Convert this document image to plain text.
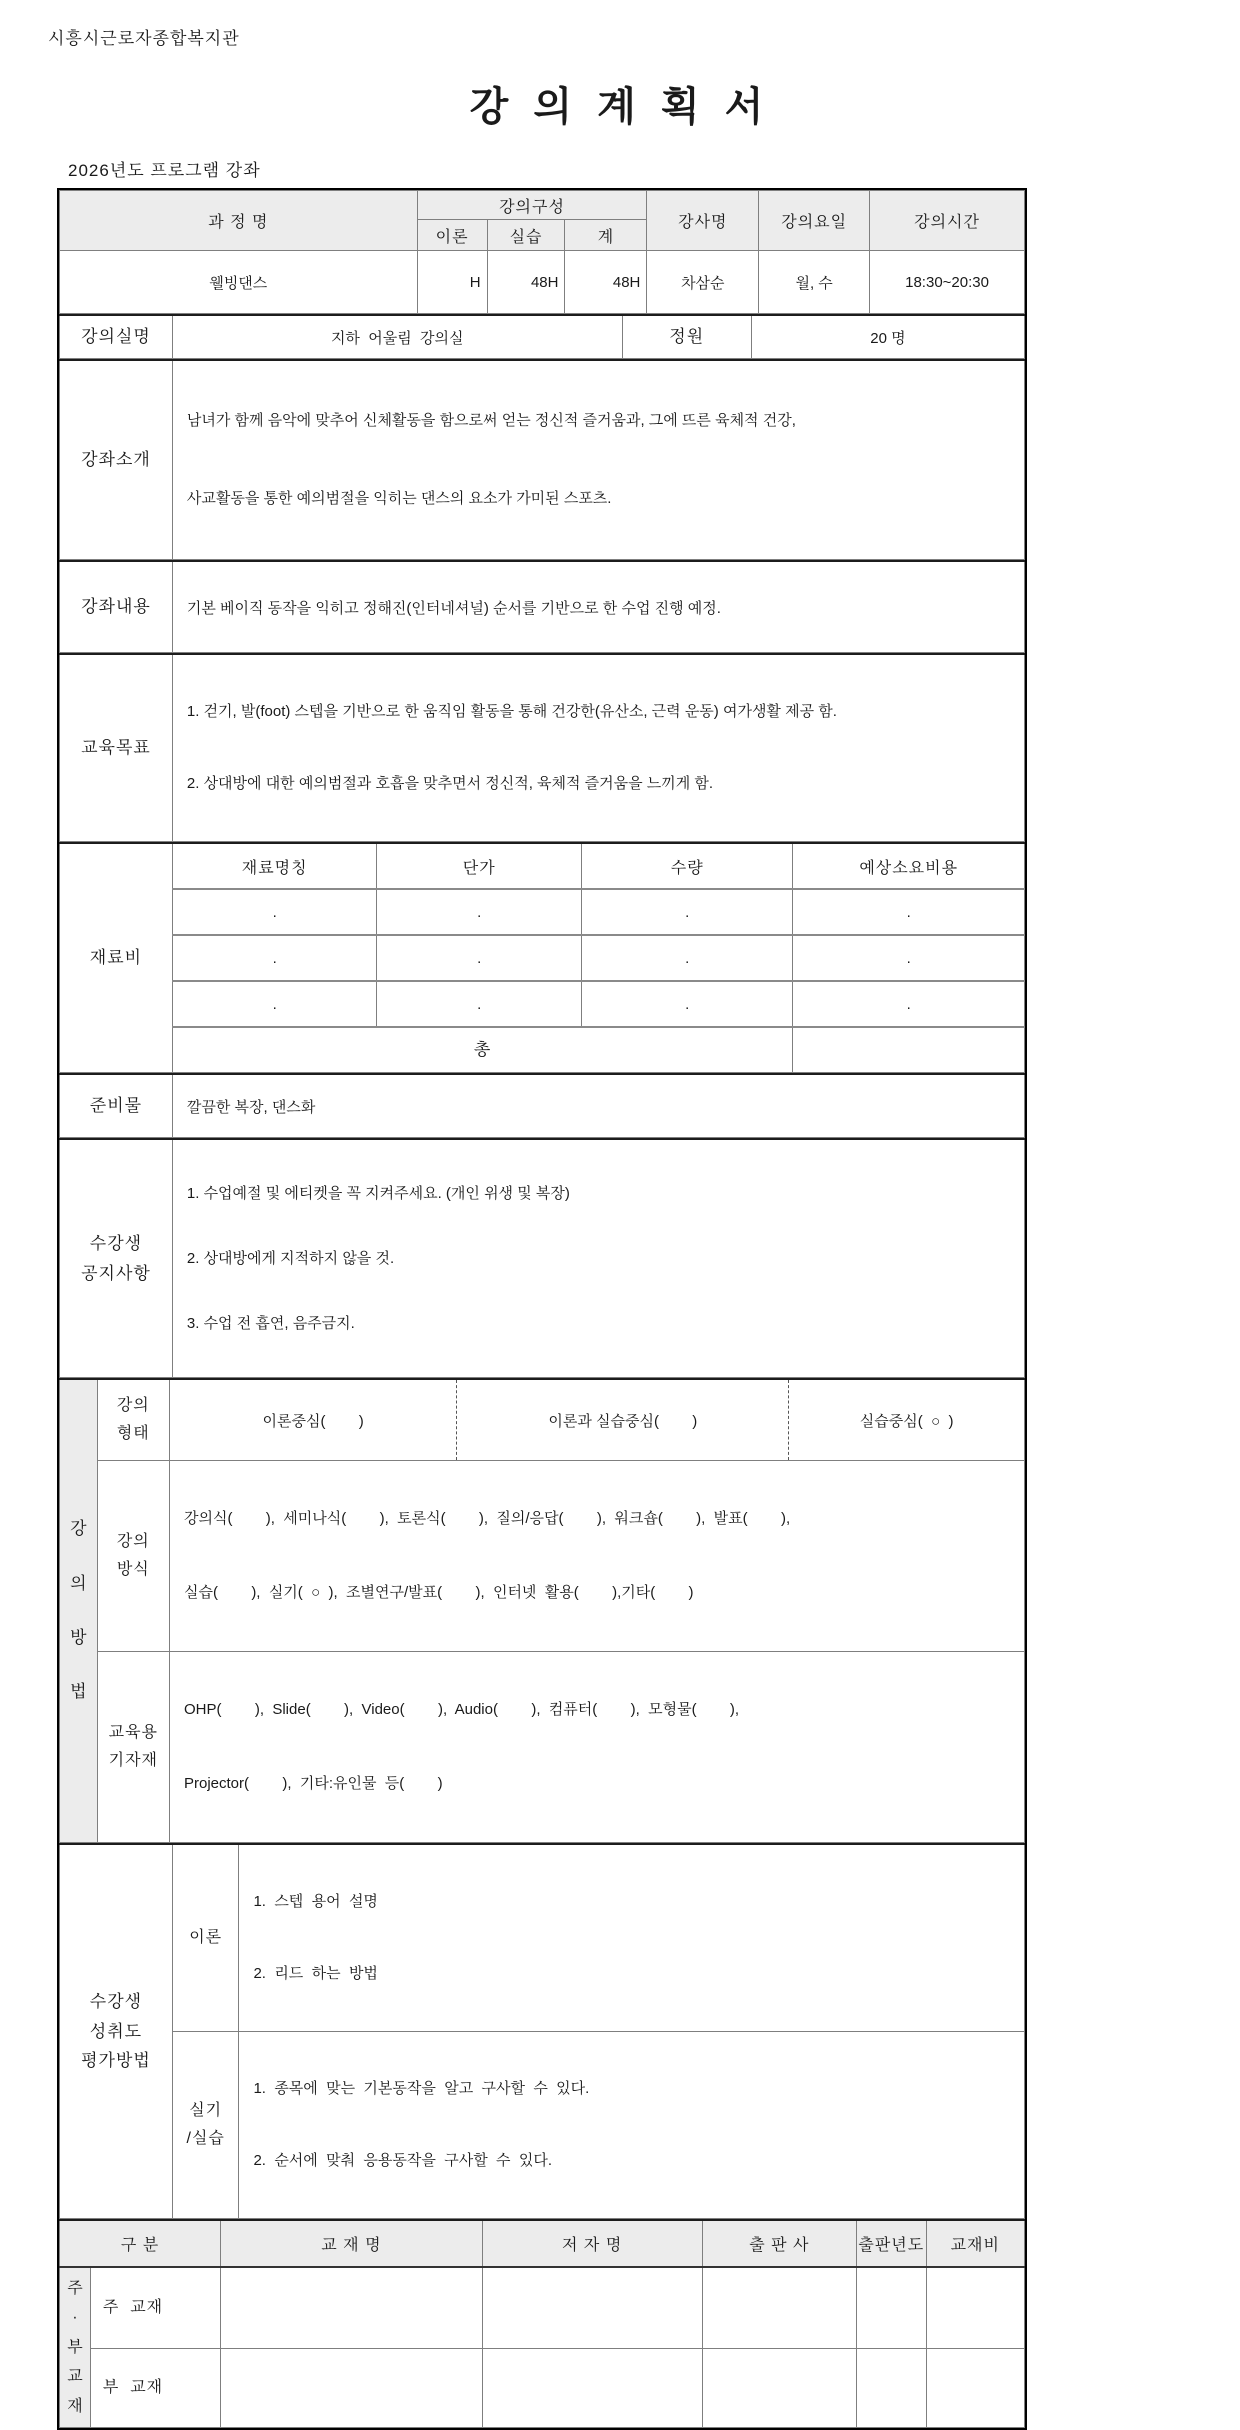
시흥시근로자종합복지관
강 의 계 획 서
2026년도 프로그램 강좌
과 정 명	강의구성			강사명	강의요일	강의시간
	이론	실습	계			
웰빙댄스	H	48H	48H	차삼순	월, 수	18:30~20:30
강의실명	지하  어울림  강의실	정원	20 명
강좌소개	

남녀가 함께 음악에 맞추어 신체활동을 함으로써 얻는 정신적 즐거움과, 그에 뜨른 육체적 건강,

사교활동을 통한 예의범절을 익히는 댄스의 요소가 가미된 스포츠.

강좌내용	기본 베이직 동작을 익히고 정해진(인터네셔널) 순서를 기반으로 한 수업 진행 예정.
교육목표	

1. 걷기, 발(foot) 스텝을 기반으로 한 움직임 활동을 통해 건강한(유산소, 근력 운동) 여가생활 제공 함.

2. 상대방에 대한 예의범절과 호흡을 맞추면서 정신적, 육체적 즐거움을 느끼게 함.

재료비	재료명칭	단가	수량	예상소요비용
	.	.	.	.
	.	.	.	.
	.	.	.	.
	총			
준비물	깔끔한 복장, 댄스화
수강생
공지사항

1. 수업예절 및 에티켓을 꼭 지켜주세요. (개인 위생 및 복장)

2. 상대방에게 지적하지 않을 것.

3. 수업 전 흡연, 음주금지.

강의방법	
강의
형태

이론중심(        )	이론과 실습중심(        )	실습중심(  ○  )

강의
방식

강의식(        ),  세미나식(        ),  토론식(        ),  질의/응답(        ),  워크숍(        ),  발표(        ),

실습(        ),  실기(  ○  ),  조별연구/발표(        ),  인터넷  활용(        ),기타(        )

교육용
기자재

OHP(        ),  Slide(        ),  Video(        ),  Audio(        ),  컴퓨터(        ),  모형물(        ),

Projector(        ),  기타:유인물  등(        )

수강생
성취도
평가방법
	이론	

1.  스텝  용어  설명

2.  리드  하는  방법

실기
/실습

1.  종목에  맞는  기본동작을  알고  구사할  수  있다.

2.  순서에  맞춰  응용동작을  구사할  수  있다.

구 분		교 재 명	저 자 명	출 판 사	출판년도	교재비
주·부교재	주  교재					
	부  교재					
